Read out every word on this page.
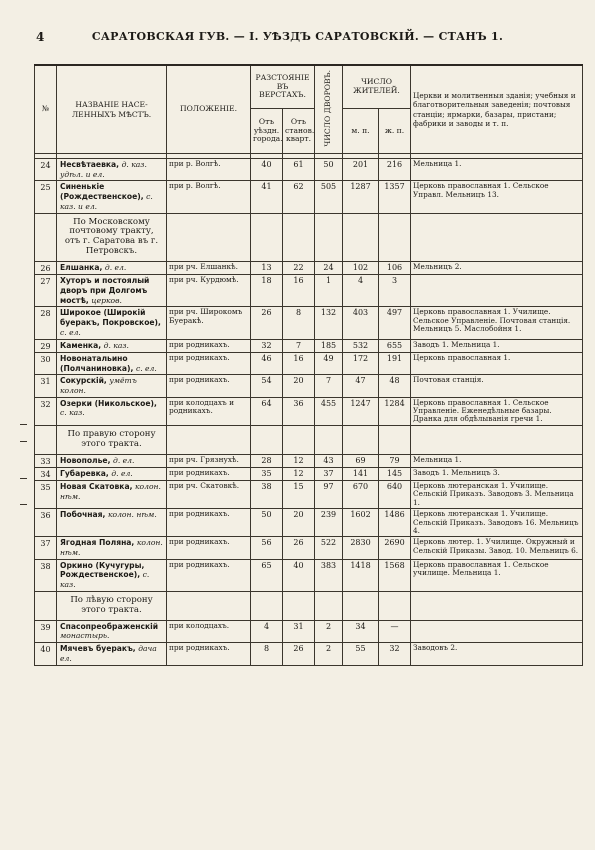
4	САРАТОВСКАЯ ГУВ. — I. УѢЗДЪ САРАТОВСКІЙ. — СТАНЪ 1.
№	НАЗВАНІЕ НАСЕ- ЛЕННЫХЪ МѢСТЪ.	ПОЛОЖЕНІЕ.	РАЗСТОЯНІЕ ВЪ ВЕРСТАХЪ.		ЧИСЛО ДВОРОВЪ.	ЧИСЛО ЖИТЕЛЕЙ.		Церкви и молитвенныя зданія; учебныя и благотворительныя заведенія; почтовыя станціи; ярмарки, базары, пристани; фабрики и заводы и т. п.
			Отъ уѣздн. города.	Отъ станов. кварт.		м. п.	ж. п.	

24	Несвѣтаевка, д. каз. удѣл. и ел.	при р. Волгѣ.	40	61	50	201	216	Мельница 1.
25	Синенькіе (Рождественское), с. каз. и ел.	при р. Волгѣ.	41	62	505	1287	1357	Церковь православная 1. Сельское Управл. Мельницъ 13.
	По Московскому почтовому тракту, отъ г. Саратова въ г. Петровскъ.							
26	Елшанка, д. ел.	при рч. Елшанкѣ.	13	22	24	102	106	Мельницъ 2.
27	Хуторъ и постоялый дворъ при Долгомъ мостѣ, церков.	при рч. Курдюмѣ.	18	16	1	4	3	
28	Широкое (Широкій буеракъ, Покровское), с. ел.	при рч. Широкомъ Буеракѣ.	26	8	132	403	497	Церковь православная 1. Училище. Сельское Управленіе. Почтовая станція. Мельницъ 5. Маслобойня 1.
29	Каменка, д. каз.	при родникахъ.	32	7	185	532	655	Заводъ 1. Мельница 1.
30	Новонатальино (Полчаниновка), с. ел.	при родникахъ.	46	16	49	172	191	Церковь православная 1.
31	Сокурскій, умётъ колон.	при родникахъ.	54	20	7	47	48	Почтовая станція.
32	Озерки (Никольское), с. каз.	при колодцахъ и родникахъ.	64	36	455	1247	1284	Церковь православная 1. Сельское Управленіе. Еженедѣльные базары. Дранка для обдѣлыванія гречи 1.
	По правую сторону этого тракта.							
33	Новополье, д. ел.	при рч. Грязнухѣ.	28	12	43	69	79	Мельница 1.
34	Губаревка, д. ел.	при родникахъ.	35	12	37	141	145	Заводъ 1. Мельницъ 3.
35	Новая Скатовка, колон. нѣм.	при рч. Скатовкѣ.	38	15	97	670	640	Церковь лютеранская 1. Училище. Сельскій Приказъ. Заводовъ 3. Мельница 1.
36	Побочная, колон. нѣм.	при родникахъ.	50	20	239	1602	1486	Церковь лютеранская 1. Училище. Сельскій Приказъ. Заводовъ 16. Мельницъ 4.
37	Ягодная Поляна, колон. нѣм.	при родникахъ.	56	26	522	2830	2690	Церковь лютер. 1. Училище. Окружный и Сельскій Приказы. Завод. 10. Мельницъ 6.
38	Оркино (Кучугуры, Рождественское), с. каз.	при родникахъ.	65	40	383	1418	1568	Церковь православная 1. Сельское училище. Мельница 1.
	По лѣвую сторону этого тракта.							
39	Спасопреображенскій монастырь.	при колодцахъ.	4	31	2	34	—	
40	Мячевъ буеракъ, дача ел.	при родникахъ.	8	26	2	55	32	Заводовъ 2.
